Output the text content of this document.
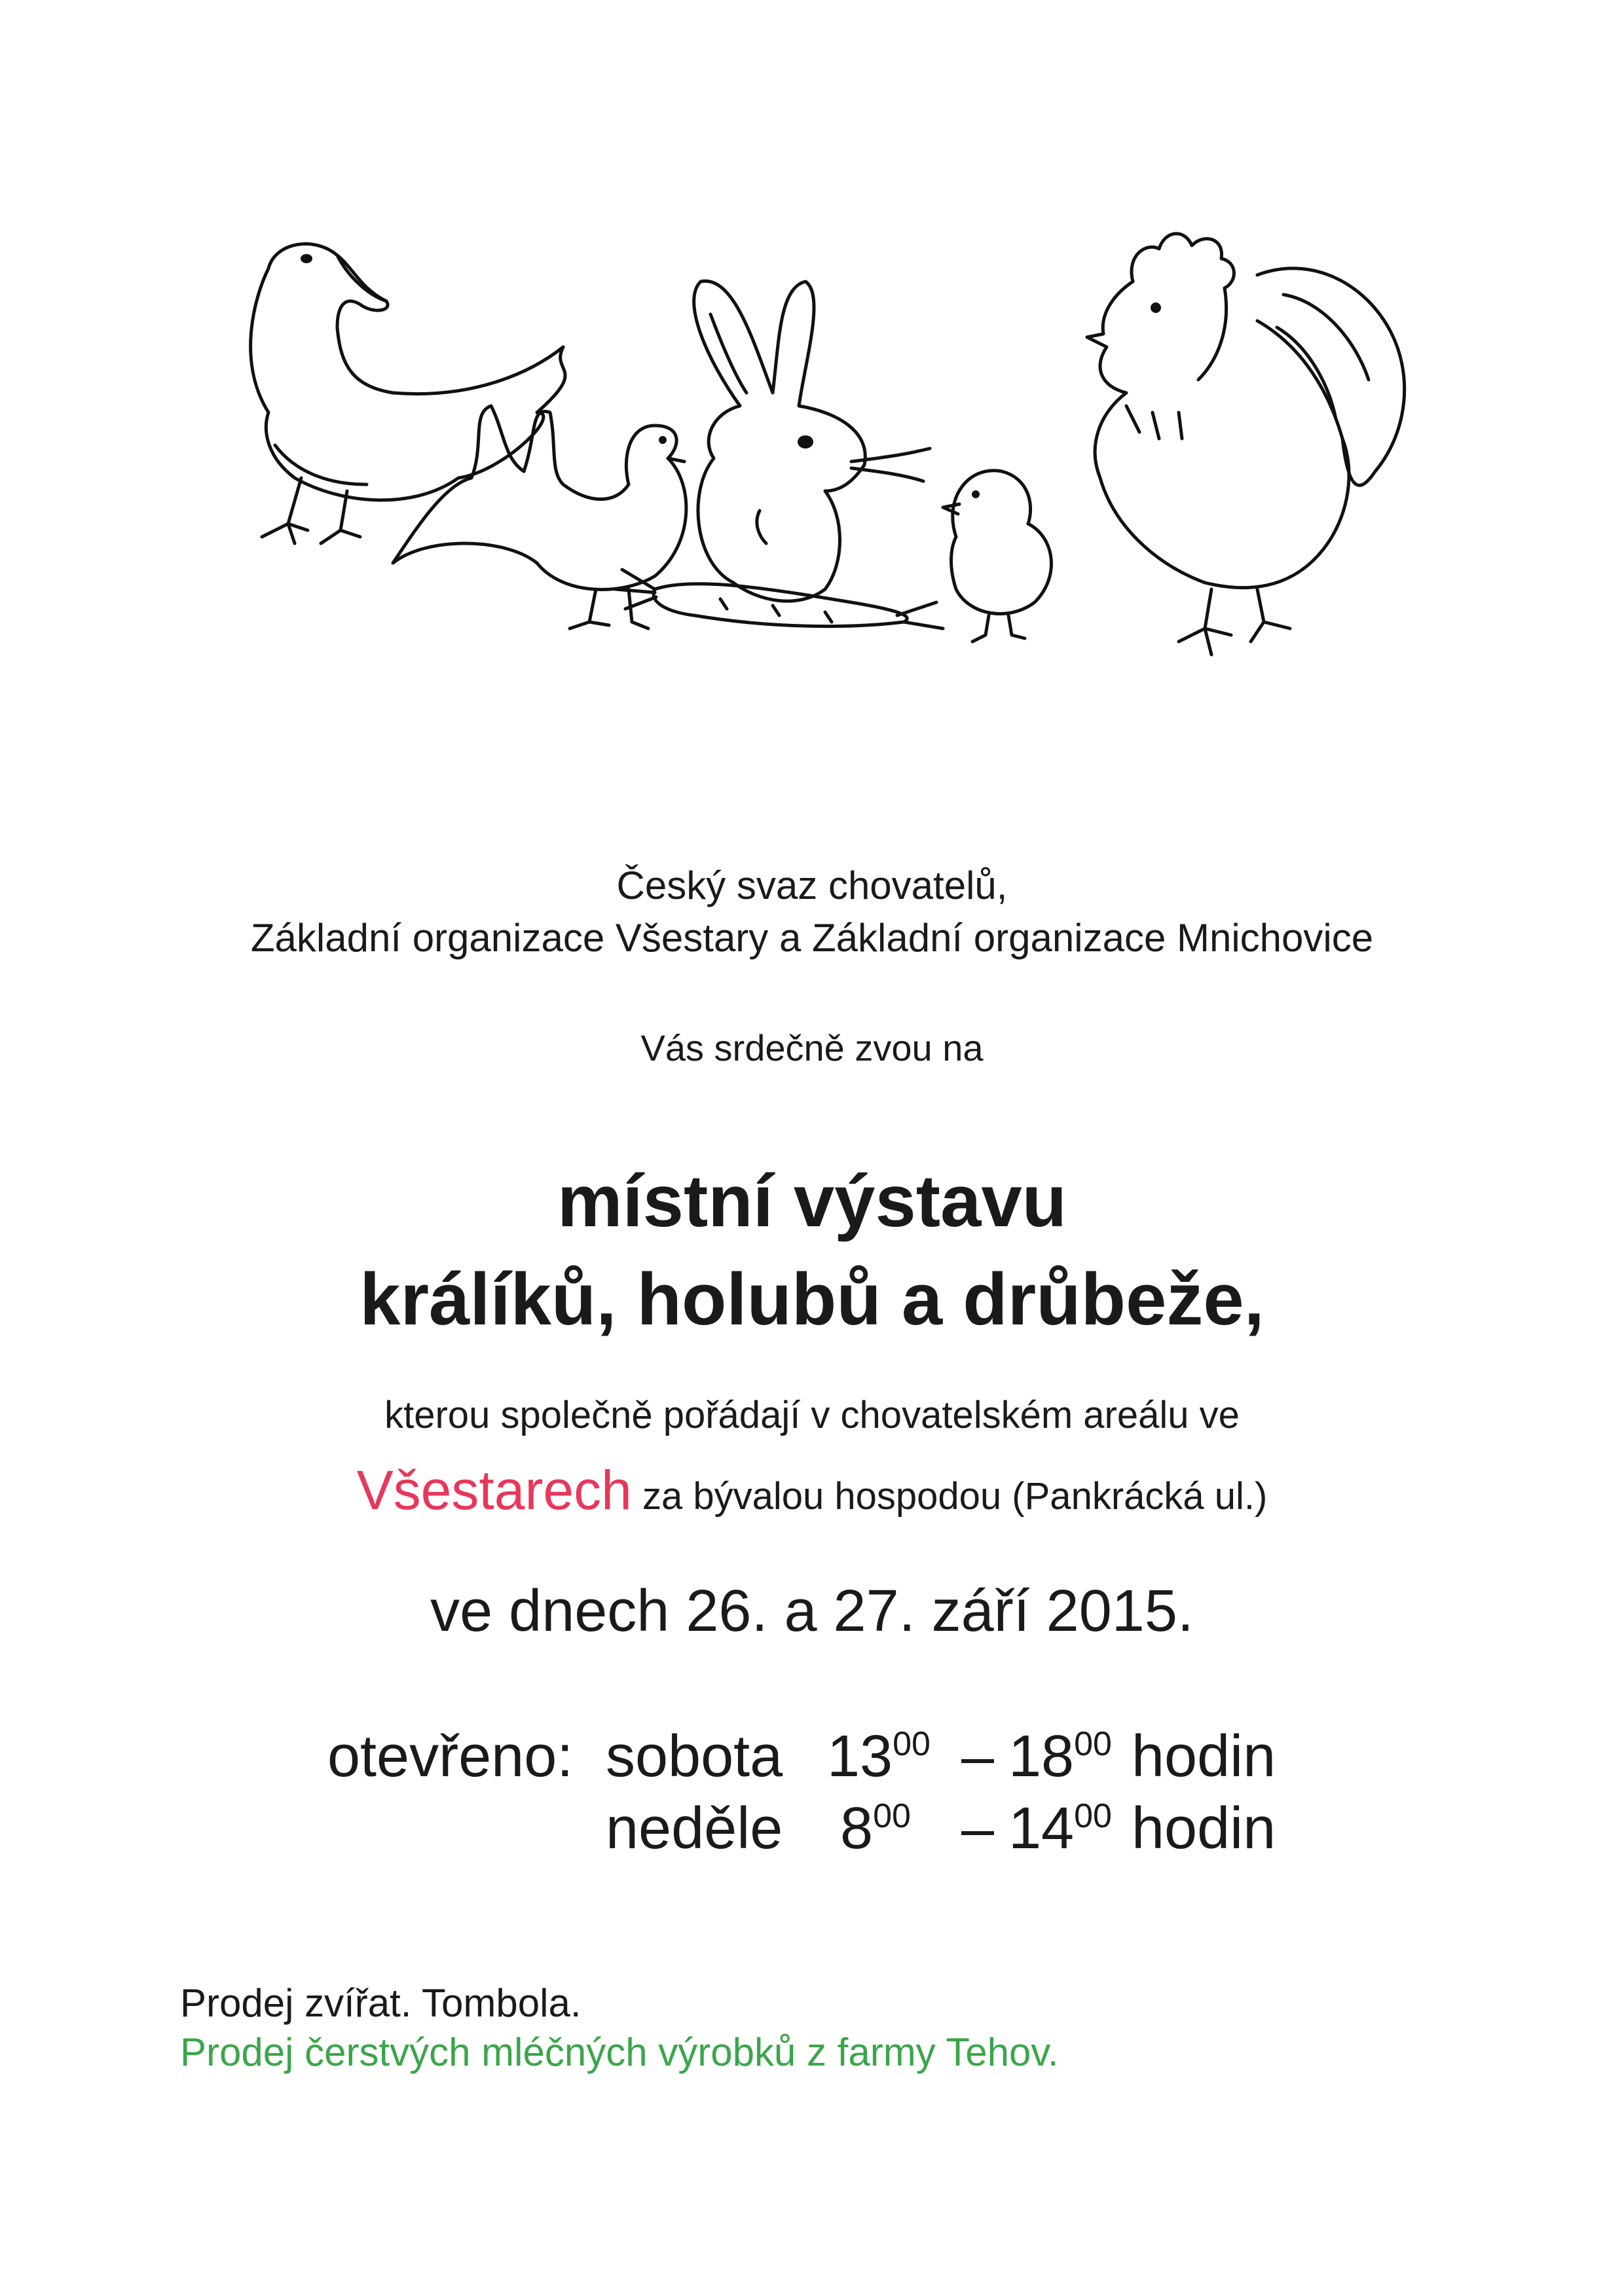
Český svaz chovatelů,
Základní organizace Všestary a Základní organizace Mnichovice
Vás srdečně zvou na
místní výstavu
králíků, holubů a drůbeže,
kterou společně pořádají v chovatelském areálu ve
Všestarech za bývalou hospodou (Pankrácká ul.)
ve dnech 26. a 27. září 2015.
otevřeno: sobota $13^{00} - 18^{00}$ hodin
neděle $8^{00} - 14^{00}$ hodin
Prodej zvířat. Tombola.
Prodej čerstvých mléčných výrobků z farmy Tehov.
